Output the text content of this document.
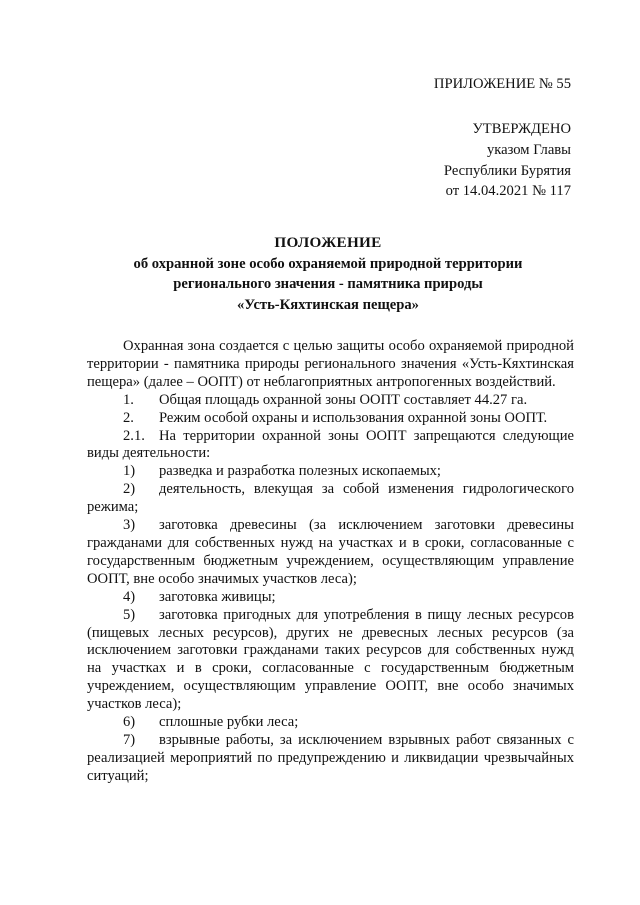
ПРИЛОЖЕНИЕ № 55
УТВЕРЖДЕНО
указом Главы
Республики Бурятия
от 14.04.2021 № 117
ПОЛОЖЕНИЕ
об охранной зоне особо охраняемой природной территории
регионального значения - памятника природы
«Усть-Кяхтинская пещера»

Охранная зона создается с целью защиты особо охраняемой природной территории - памятника природы регионального значения «Усть-Кяхтинская пещера» (далее – ООПТ) от неблагоприятных антропогенных воздействий.

1. Общая площадь охранной зоны ООПТ составляет 44.27 га.
2. Режим особой охраны и использования охранной зоны ООПТ.
2.1. На территории охранной зоны ООПТ запрещаются следующие виды деятельности:
1) разведка и разработка полезных ископаемых;
2) деятельность, влекущая за собой изменения гидрологического режима;
3) заготовка древесины (за исключением заготовки древесины гражданами для собственных нужд на участках и в сроки, согласованные с государственным бюджетным учреждением, осуществляющим управление ООПТ, вне особо значимых участков леса);
4) заготовка живицы;
5) заготовка пригодных для употребления в пищу лесных ресурсов (пищевых лесных ресурсов), других не древесных лесных ресурсов (за исключением заготовки гражданами таких ресурсов для собственных нужд на участках и в сроки, согласованные с государственным бюджетным учреждением, осуществляющим управление ООПТ, вне особо значимых участков леса);
6) сплошные рубки леса;
7) взрывные работы, за исключением взрывных работ связанных с реализацией мероприятий по предупреждению и ликвидации чрезвычайных ситуаций;
